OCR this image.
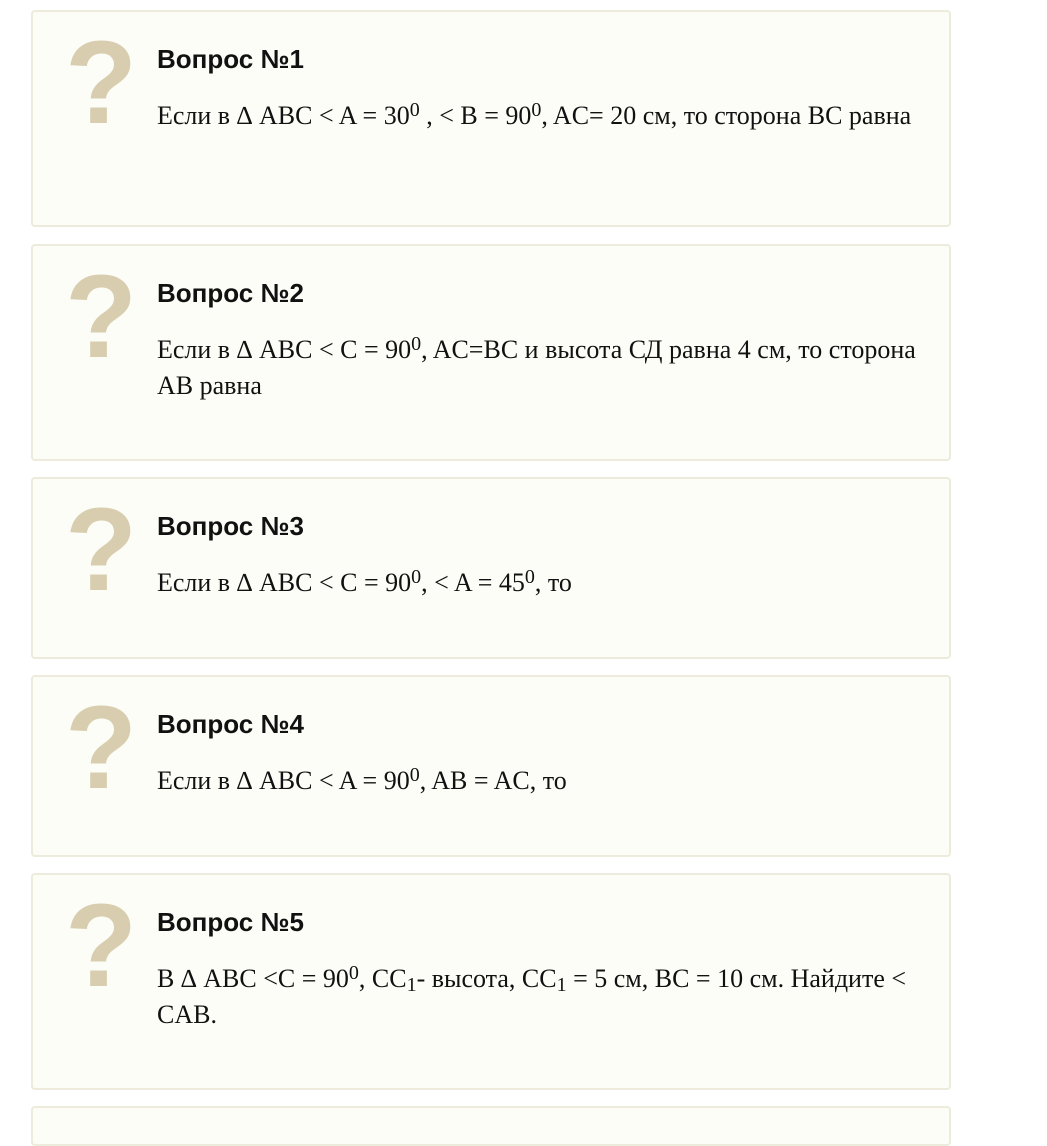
? Вопрос №1

Если в ∆ ABC < $A = 30^0$ , < $B = 90^0$, AC= 20 см, то сторона BC равна

? Вопрос №2

Если в ∆ ABC < $C = 90^0$, AC=BC и высота СД равна 4 см, то сторона AB равна

? Вопрос №3

Если в ∆ ABC < $C = 90^0$, < $A = 45^0$, то

? Вопрос №4

Если в ∆ ABC < $A = 90^0$, AB = AC, то

? Вопрос №5

В ∆ ABC $<C = 90^0$, $CC_1-$ высота, $CC_1 = 5$ см, BC = 10 см. Найдите < CAB.
